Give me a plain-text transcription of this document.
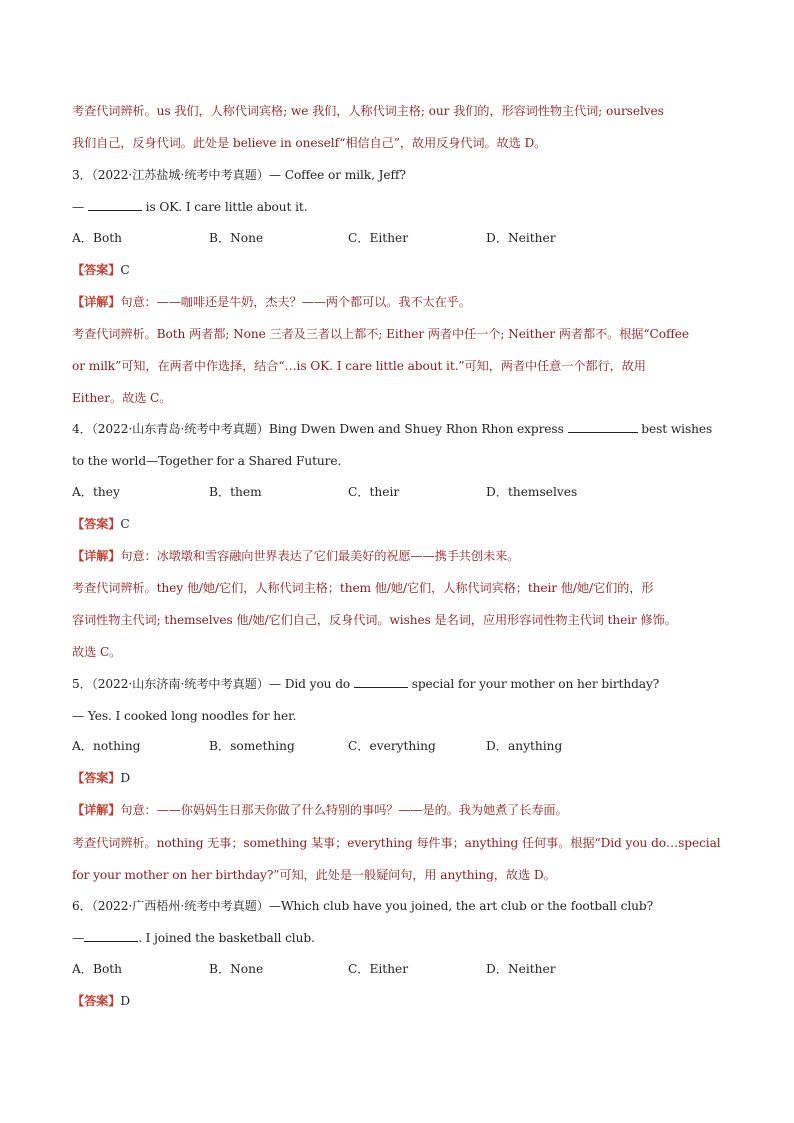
考查代词辨析。us 我们，人称代词宾格; we 我们，人称代词主格; our 我们的，形容词性物主代词; ourselves
我们自己，反身代词。此处是 believe in oneself“相信自己”，故用反身代词。故选 D。
3．（2022·江苏盐城·统考中考真题）— Coffee or milk, Jeff?
—	is OK. I care little about it.
【详解】句意：——咖啡还是牛奶，杰夫？——两个都可以。我不太在乎。
考查代词辨析。Both 两者都; None 三者及三者以上都不; Either 两者中任一个; Neither 两者都不。根据“Coffee
or milk”可知，在两者中作选择，结合“…is OK. I care little about it.”可知，两者中任意一个都行，故用
Either。故选 C。
4．（2022·山东青岛·统考中考真题）Bing Dwen Dwen and Shuey Rhon Rhon express	best wishes
to the world—Together for a Shared Future.
【详解】句意：冰墩墩和雪容融向世界表达了它们最美好的祝愿——携手共创未来。
考查代词辨析。they 他/她/它们，人称代词主格；them 他/她/它们，人称代词宾格；their 他/她/它们的，形
容词性物主代词; themselves 他/她/它们自己，反身代词。wishes 是名词，应用形容词性物主代词 their 修饰。
故选 C。
5．（2022·山东济南·统考中考真题）— Did you do	special for your mother on her birthday?
— Yes. I cooked long noodles for her.
【详解】句意：——你妈妈生日那天你做了什么特别的事吗？——是的。我为她煮了长寿面。
考查代词辨析。nothing 无事；something 某事；everything 每件事；anything 任何事。根据“Did you do…special
for your mother on her birthday?”可知，此处是一般疑问句，用 anything，故选 D。
6．（2022·广西梧州·统考中考真题）—Which club have you joined, the art club or the football club?
—	. I joined the basketball club.
【答案】C
【答案】C
【答案】D
【答案】D
A．Both	B．None	C．Either	D．Neither
A．they	B．them	C．their	D．themselves
A．nothing	B．something	C．everything	D．anything
A．Both	B．None	C．Either	D．Neither
